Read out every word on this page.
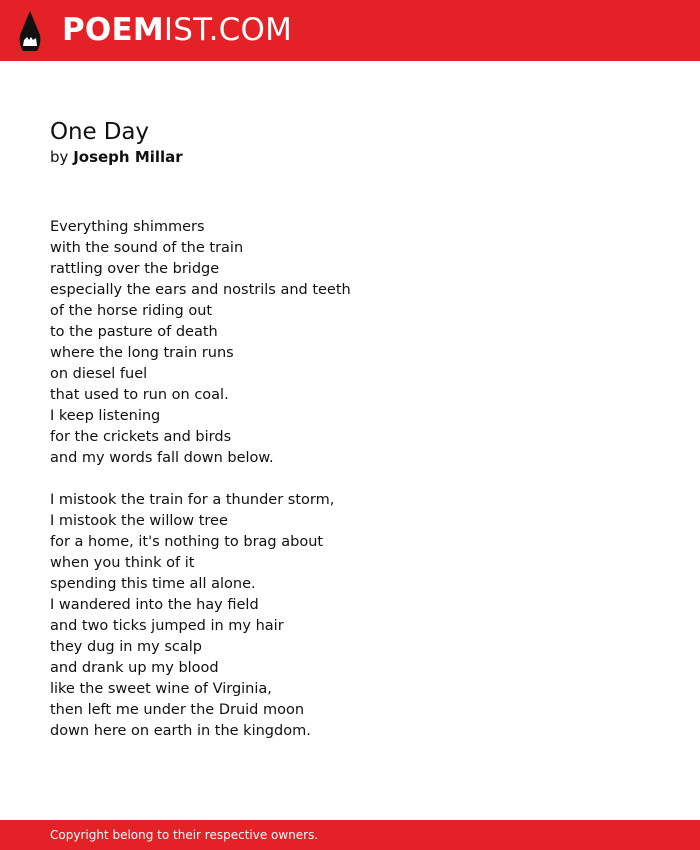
POEM IST.COM
One Day
by Joseph Millar
Everything shimmers
with the sound of the train
rattling over the bridge
especially the ears and nostrils and teeth
of the horse riding out
to the pasture of death
where the long train runs
on diesel fuel
that used to run on coal.
I keep listening
for the crickets and birds
and my words fall down below.
I mistook the train for a thunder storm,
I mistook the willow tree
for a home, it's nothing to brag about
when you think of it
spending this time all alone.
I wandered into the hay field
and two ticks jumped in my hair
they dug in my scalp
and drank up my blood
like the sweet wine of Virginia,
then left me under the Druid moon
down here on earth in the kingdom.
Copyright belong to their respective owners.
